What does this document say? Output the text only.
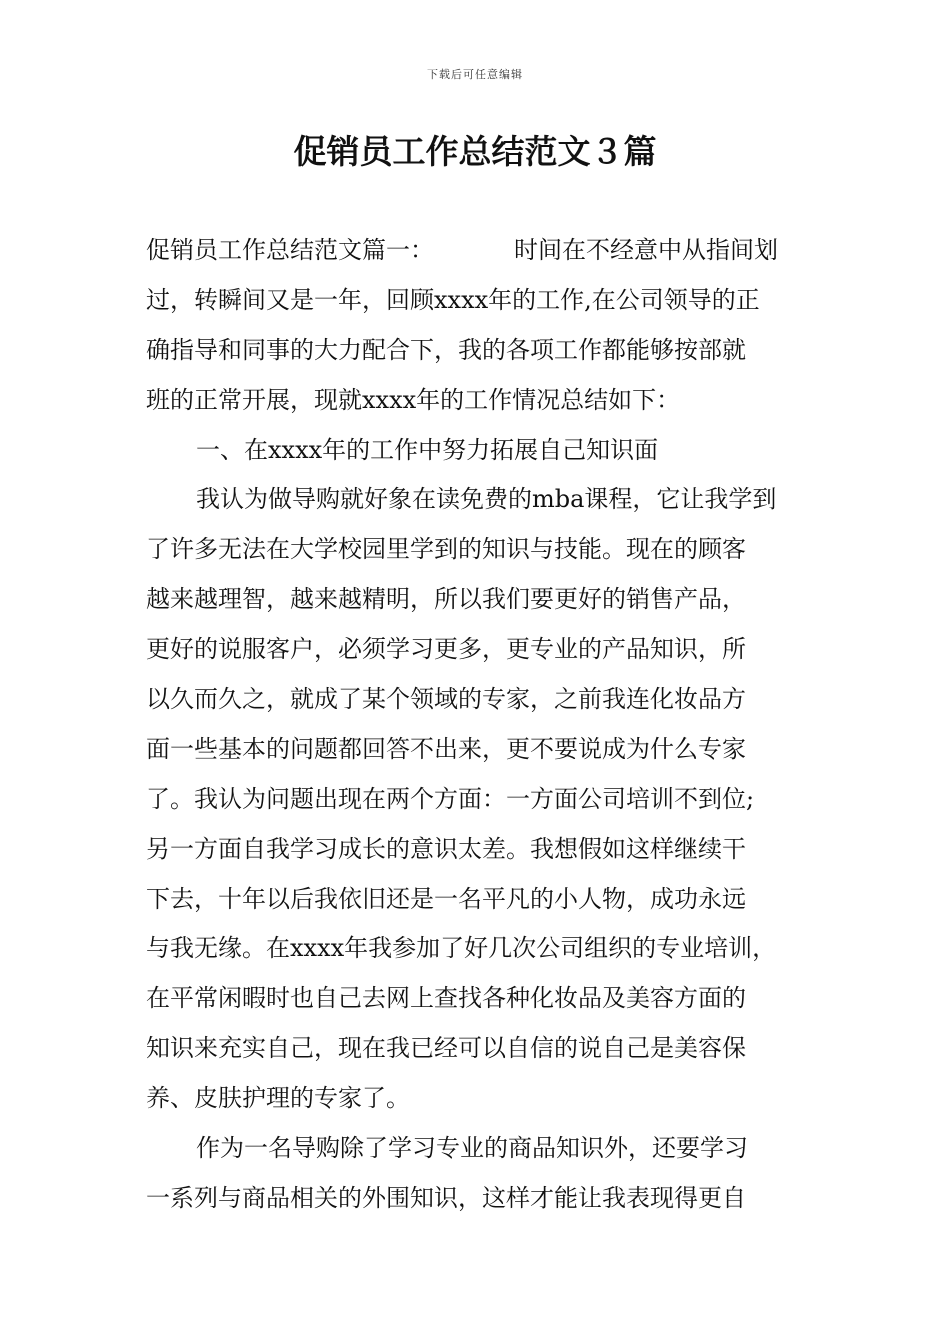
下载后可任意编辑
促销员工作总结范文３篇
促销员工作总结范文篇一：	时间在不经意中从指间划
过，转瞬间又是一年，回顾xxxx年的工作,在公司领导的正
确指导和同事的大力配合下，我的各项工作都能够按部就
班的正常开展，现就xxxx年的工作情况总结如下：
一、在xxxx年的工作中努力拓展自己知识面
我认为做导购就好象在读免费的mba课程，它让我学到
了许多无法在大学校园里学到的知识与技能。现在的顾客
越来越理智，越来越精明，所以我们要更好的销售产品，
更好的说服客户，必须学习更多，更专业的产品知识，所
以久而久之，就成了某个领域的专家，之前我连化妆品方
面一些基本的问题都回答不出来，更不要说成为什么专家
了。我认为问题出现在两个方面：一方面公司培训不到位;
另一方面自我学习成长的意识太差。我想假如这样继续干
下去，十年以后我依旧还是一名平凡的小人物，成功永远
与我无缘。在xxxx年我参加了好几次公司组织的专业培训，
在平常闲暇时也自己去网上查找各种化妆品及美容方面的
知识来充实自己，现在我已经可以自信的说自己是美容保
养、皮肤护理的专家了。
作为一名导购除了学习专业的商品知识外，还要学习
一系列与商品相关的外围知识，这样才能让我表现得更自
